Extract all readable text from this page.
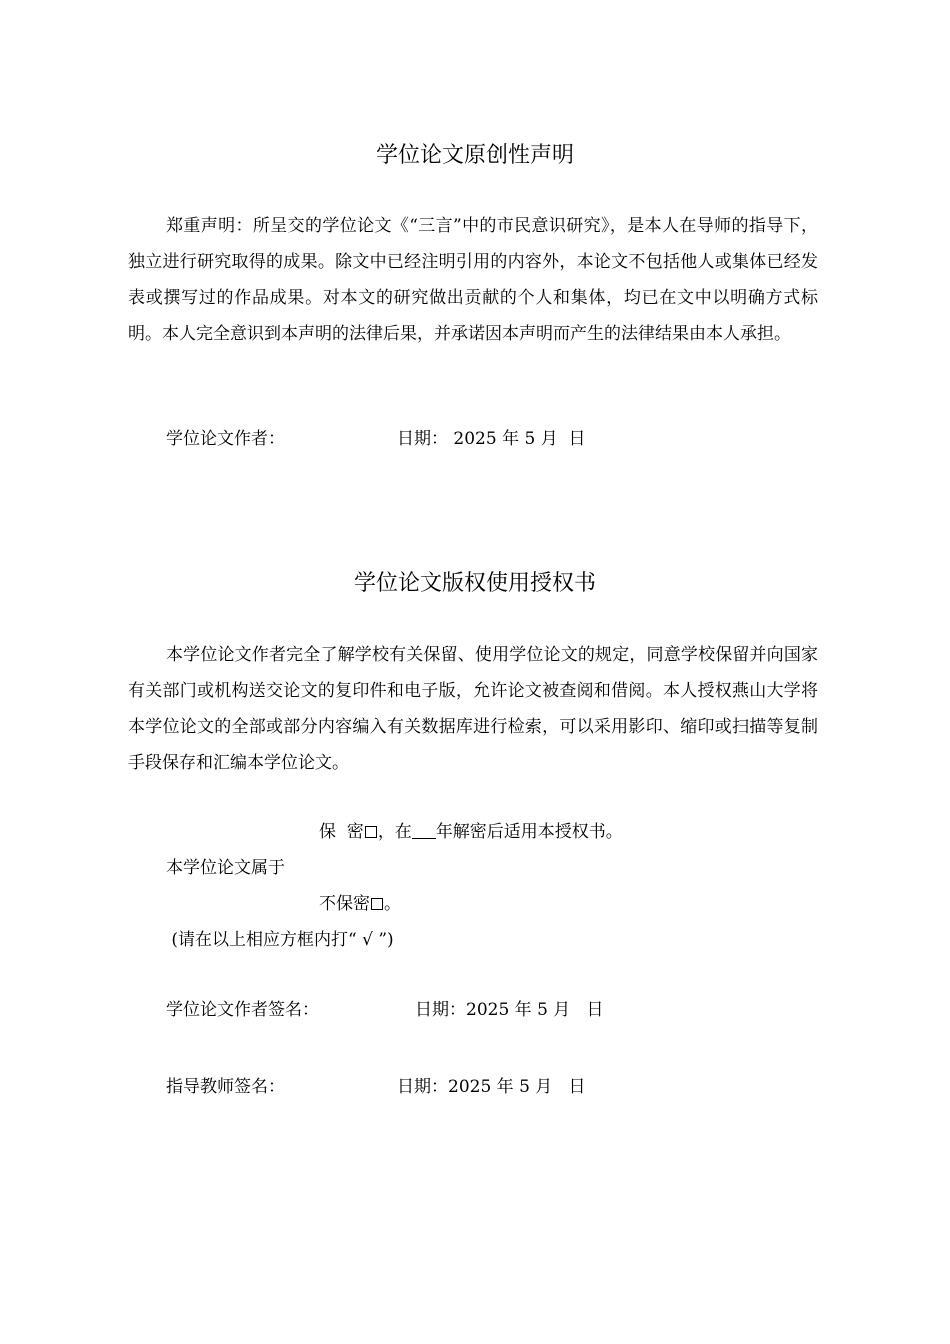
学位论文原创性声明

郑重声明：所呈交的学位论文《“三言”中的市民意识研究》，是本人在导师的指导下，独立进行研究取得的成果。除文中已经注明引用的内容外，本论文不包括他人或集体已经发表或撰写过的作品成果。对本文的研究做出贡献的个人和集体，均已在文中以明确方式标明。本人完全意识到本声明的法律后果，并承诺因本声明而产生的法律结果由本人承担。

学位论文作者：	日期： 2025 年 5 月  日
学位论文版权使用授权书

本学位论文作者完全了解学校有关保留、使用学位论文的规定，同意学校保留并向国家有关部门或机构送交论文的复印件和电子版，允许论文被查阅和借阅。本人授权燕山大学将本学位论文的全部或部分内容编入有关数据库进行检索，可以采用影印、缩印或扫描等复制手段保存和汇编本学位论文。

保  密 ，在 年解密后适用本授权书。
本学位论文属于
不保密 。
(请在以上相应方框内打“ √ ”)
学位论文作者签名：	日期：2025 年 5 月   日
指导教师签名：	日期：2025 年 5 月   日
